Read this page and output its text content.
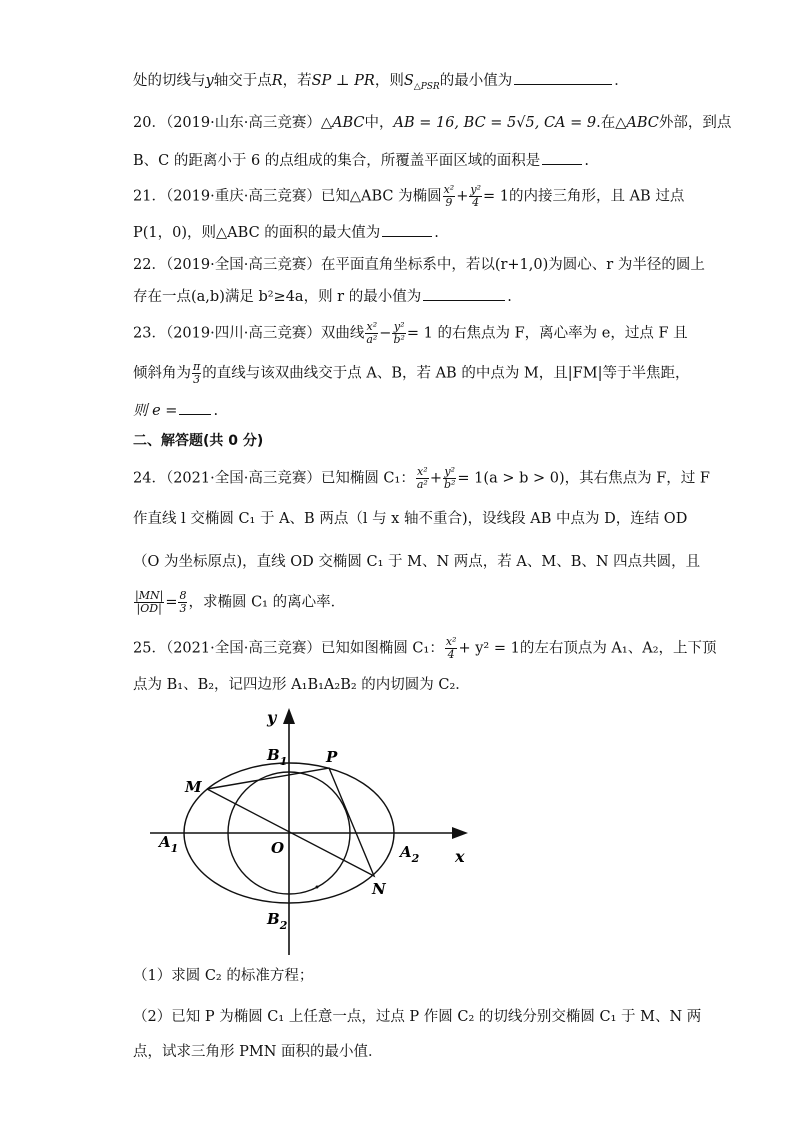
处的切线与y轴交于点R，若SP ⊥ PR，则$S_{\triangle PSR}$的最小值为	．
20．（2019·山东·高三竞赛）△ABC中，AB = 16, BC = 5√5, CA = 9.在△ABC外部，到点
B、C 的距离小于 6 的点组成的集合，所覆盖平面区域的面积是	.
21．（2019·重庆·高三竞赛）已知△ABC 为椭圆 $\frac{\text{x²}}{9} + \frac{\text{y²}}{4} = 1$的内接三角形，且 AB 过点
P(1，0)，则△ABC 的面积的最大值为	.
22．（2019·全国·高三竞赛）在平面直角坐标系中，若以(r+1,0)为圆心、r 为半径的圆上
存在一点(a,b)满足 b²≥4a，则 r 的最小值为	.
23．（2019·四川·高三竞赛）双曲线 $\frac{\text{x²}}{\text{a²}} - \frac{\text{y²}}{\text{b²}} = 1$ 的右焦点为 F，离心率为 e，过点 F 且
倾斜角为 $\frac{\pi}{3}$ 的直线与该双曲线交于点 A、B，若 AB 的中点为 M，且|FM|等于半焦距，
则 e = .
二、解答题(共 0 分)
24．（2021·全国·高三竞赛）已知椭圆 C₁： $\frac{\text{x²}}{\text{a²}} + \frac{\text{y²}}{\text{b²}} = 1(a > b > 0)$，其右焦点为 F，过 F
作直线 l 交椭圆 C₁ 于 A、B 两点（l 与 x 轴不重合)，设线段 AB 中点为 D，连结 OD
（O 为坐标原点)，直线 OD 交椭圆 C₁ 于 M、N 两点，若 A、M、B、N 四点共圆，且
$\frac{|MN|}{|OD|} = \frac{8}{3}$ ，求椭圆 C₁ 的离心率．
25．（2021·全国·高三竞赛）已知如图椭圆 C₁： $\frac{\text{x²}}{4} + y^2 = 1$的左右顶点为 A₁、A₂，上下顶
点为 B₁、B₂，记四边形 A₁B₁A₂B₂ 的内切圆为 C₂．
y
x
O
$A_1$	$A_2$
$B_1$
$B_2$
P
M
N
（1）求圆 C₂ 的标准方程；
（2）已知 P 为椭圆 C₁ 上任意一点，过点 P 作圆 C₂ 的切线分别交椭圆 C₁ 于 M、N 两
点，试求三角形 PMN 面积的最小值．
